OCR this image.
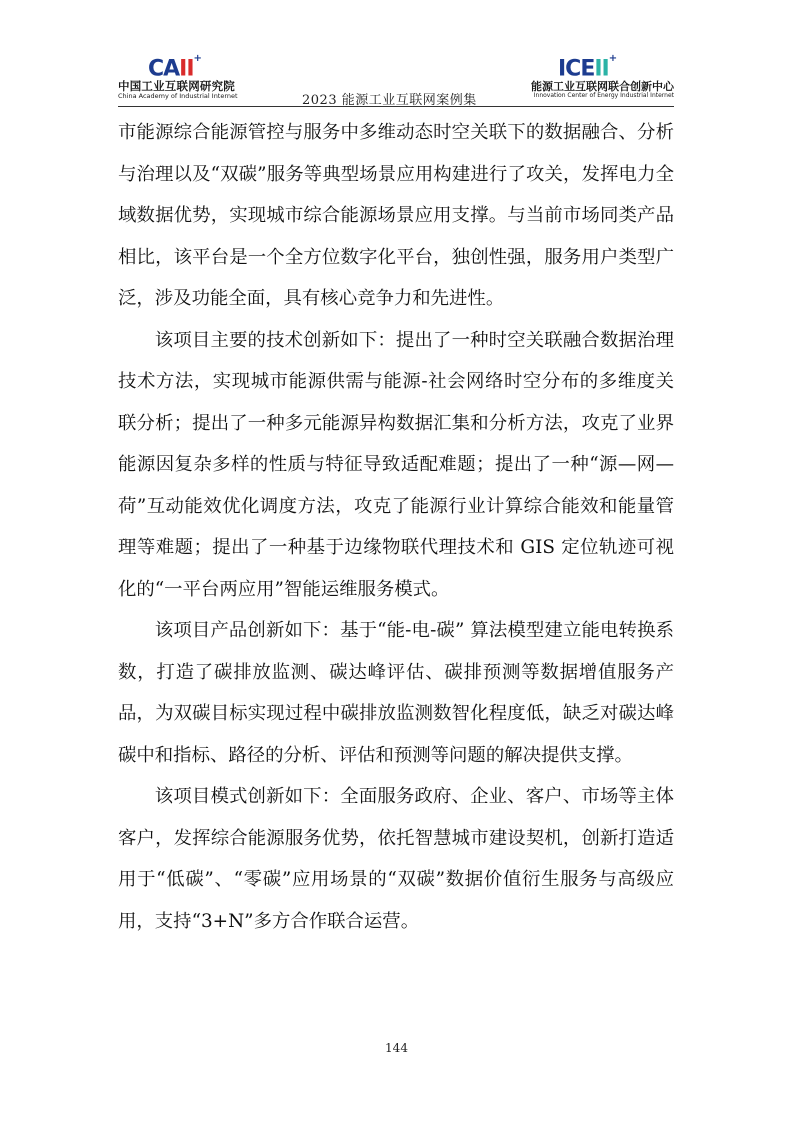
CAII+
中国工业互联网研究院
China Academy of Industrial Internet	2023 能源工业互联网案例集
ICEII+
能源工业互联网联合创新中心
Innovation Center of Energy Industrial Internet

市能源综合能源管控与服务中多维动态时空关联下的数据融合、分析与治理以及“双碳”服务等典型场景应用构建进行了攻关，发挥电力全域数据优势，实现城市综合能源场景应用支撑。与当前市场同类产品相比，该平台是一个全方位数字化平台，独创性强，服务用户类型广泛，涉及功能全面，具有核心竞争力和先进性。

该项目主要的技术创新如下：提出了一种时空关联融合数据治理技术方法，实现城市能源供需与能源-社会网络时空分布的多维度关联分析；提出了一种多元能源异构数据汇集和分析方法，攻克了业界能源因复杂多样的性质与特征导致适配难题；提出了一种“源—网—荷”互动能效优化调度方法，攻克了能源行业计算综合能效和能量管理等难题；提出了一种基于边缘物联代理技术和 GIS 定位轨迹可视化的“一平台两应用”智能运维服务模式。

该项目产品创新如下：基于“能-电-碳” 算法模型建立能电转换系数，打造了碳排放监测、碳达峰评估、碳排预测等数据增值服务产品，为双碳目标实现过程中碳排放监测数智化程度低，缺乏对碳达峰碳中和指标、路径的分析、评估和预测等问题的解决提供支撑。

该项目模式创新如下：全面服务政府、企业、客户、市场等主体客户，发挥综合能源服务优势，依托智慧城市建设契机，创新打造适用于“低碳”、“零碳”应用场景的“双碳”数据价值衍生服务与高级应用，支持“3+N”多方合作联合运营。

144
